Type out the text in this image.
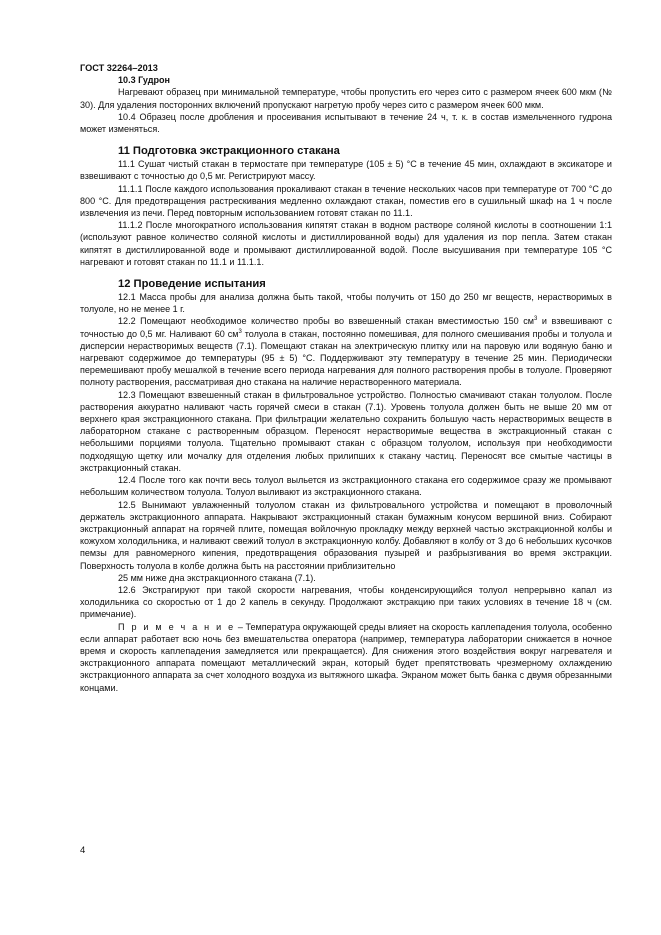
ГОСТ 32264–2013
10.3 Гудрон

Нагревают образец при минимальной температуре, чтобы пропустить его через сито с размером ячеек 600 мкм (№ 30). Для удаления посторонних включений пропускают нагретую пробу через сито с размером ячеек 600 мкм.

10.4 Образец после дробления и просеивания испытывают в течение 24 ч, т. к. в состав измельченного гудрона может изменяться.

11 Подготовка экстракционного стакана

11.1 Сушат чистый стакан в термостате при температуре (105 ± 5) °С в течение 45 мин, охлаждают в эксикаторе и взвешивают с точностью до 0,5 мг. Регистрируют массу.

11.1.1 После каждого использования прокаливают стакан в течение нескольких часов при температуре от 700 °С до 800 °С. Для предотвращения растрескивания медленно охлаждают стакан, поместив его в сушильный шкаф на 1 ч после извлечения из печи. Перед повторным использованием готовят стакан по 11.1.

11.1.2 После многократного использования кипятят стакан в водном растворе соляной кислоты в соотношении 1:1 (используют равное количество соляной кислоты и дистиллированной воды) для удаления из пор пепла. Затем стакан кипятят в дистиллированной воде и промывают дистиллированной водой. После высушивания при температуре 105 °С нагревают и готовят стакан по 11.1 и 11.1.1.

12 Проведение испытания

12.1 Масса пробы для анализа должна быть такой, чтобы получить от 150 до 250 мг веществ, нерастворимых в толуоле, но не менее 1 г.

12.2 Помещают необходимое количество пробы во взвешенный стакан вместимостью 150 $см^3$ и взвешивают с точностью до 0,5 мг. Наливают 60 $см^3$ толуола в стакан, постоянно помешивая, для полного смешивания пробы и толуола и дисперсии нерастворимых веществ (7.1). Помещают стакан на электрическую плитку или на паровую или водяную баню и нагревают содержимое до температуры (95 ± 5) °С. Поддерживают эту температуру в течение 25 мин. Периодически перемешивают пробу мешалкой в течение всего периода нагревания для полного растворения пробы в толуоле. Проверяют полноту растворения, рассматривая дно стакана на наличие нерастворенного материала.

12.3 Помещают взвешенный стакан в фильтровальное устройство. Полностью смачивают стакан толуолом. После растворения аккуратно наливают часть горячей смеси в стакан (7.1). Уровень толуола должен быть не выше 20 мм от верхнего края экстракционного стакана. При фильтрации желательно сохранить большую часть нерастворимых веществ в лабораторном стакане с растворенным образцом. Переносят нерастворимые вещества в экстракционный стакан с небольшими порциями толуола. Тщательно промывают стакан с образцом толуолом, используя при необходимости подходящую щетку или мочалку для отделения любых прилипших к стакану частиц. Переносят все смытые частицы в экстракционный стакан.

12.4 После того как почти весь толуол выльется из экстракционного стакана его содержимое сразу же промывают небольшим количеством толуола. Толуол выливают из экстракционного стакана.

12.5 Вынимают увлажненный толуолом стакан из фильтровального устройства и помещают в проволочный держатель экстракционного аппарата. Накрывают экстракционный стакан бумажным конусом вершиной вниз. Собирают экстракционный аппарат на горячей плите, помещая войлочную прокладку между верхней частью экстракционной колбы и кожухом холодильника, и наливают свежий толуол в экстракционную колбу. Добавляют в колбу от 3 до 6 небольших кусочков пемзы для равномерного кипения, предотвращения образования пузырей и разбрызгивания во время экстракции. Поверхность толуола в колбе должна быть на расстоянии приблизительно

25 мм ниже дна экстракционного стакана (7.1).

12.6 Экстрагируют при такой скорости нагревания, чтобы конденсирующийся толуол непрерывно капал из холодильника со скоростью от 1 до 2 капель в секунду. Продолжают экстракцию при таких условиях в течение 18 ч (см. примечание).

П р и м е ч а н и е – Температура окружающей среды влияет на скорость каплепадения толуола, особенно если аппарат работает всю ночь без вмешательства оператора (например, температура лаборатории снижается в ночное время и скорость каплепадения замедляется или прекращается). Для снижения этого воздействия вокруг нагревателя и экстракционного аппарата помещают металлический экран, который будет препятствовать чрезмерному охлаждению экстракционного аппарата за счет холодного воздуха из вытяжного шкафа. Экраном может быть банка с двумя обрезанными концами.

4
